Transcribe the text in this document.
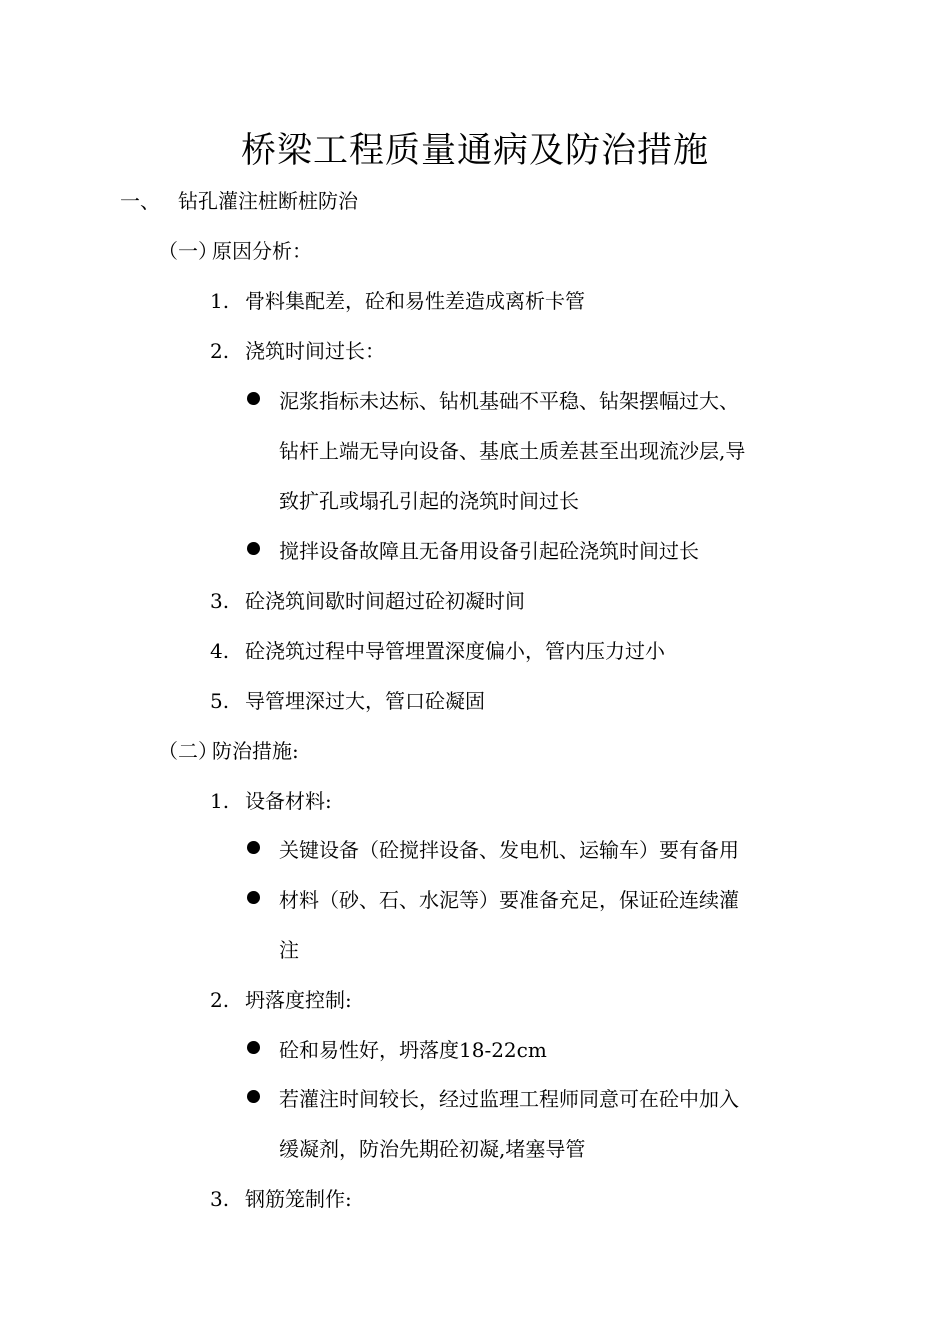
桥梁工程质量通病及防治措施
一、 钻孔灌注桩断桩防治
（一）原因分析：
1. 骨料集配差，砼和易性差造成离析卡管
2. 浇筑时间过长：
泥浆指标未达标、钻机基础不平稳、钻架摆幅过大、
钻杆上端无导向设备、基底土质差甚至出现流沙层,导
致扩孔或塌孔引起的浇筑时间过长
搅拌设备故障且无备用设备引起砼浇筑时间过长
3. 砼浇筑间歇时间超过砼初凝时间
4. 砼浇筑过程中导管埋置深度偏小，管内压力过小
5. 导管埋深过大，管口砼凝固
（二）防治措施:
1. 设备材料:
关键设备（砼搅拌设备、发电机、运输车）要有备用
材料（砂、石、水泥等）要准备充足，保证砼连续灌
注
2. 坍落度控制:
砼和易性好，坍落度18-22cm
若灌注时间较长，经过监理工程师同意可在砼中加入
缓凝剂，防治先期砼初凝,堵塞导管
3. 钢筋笼制作:
